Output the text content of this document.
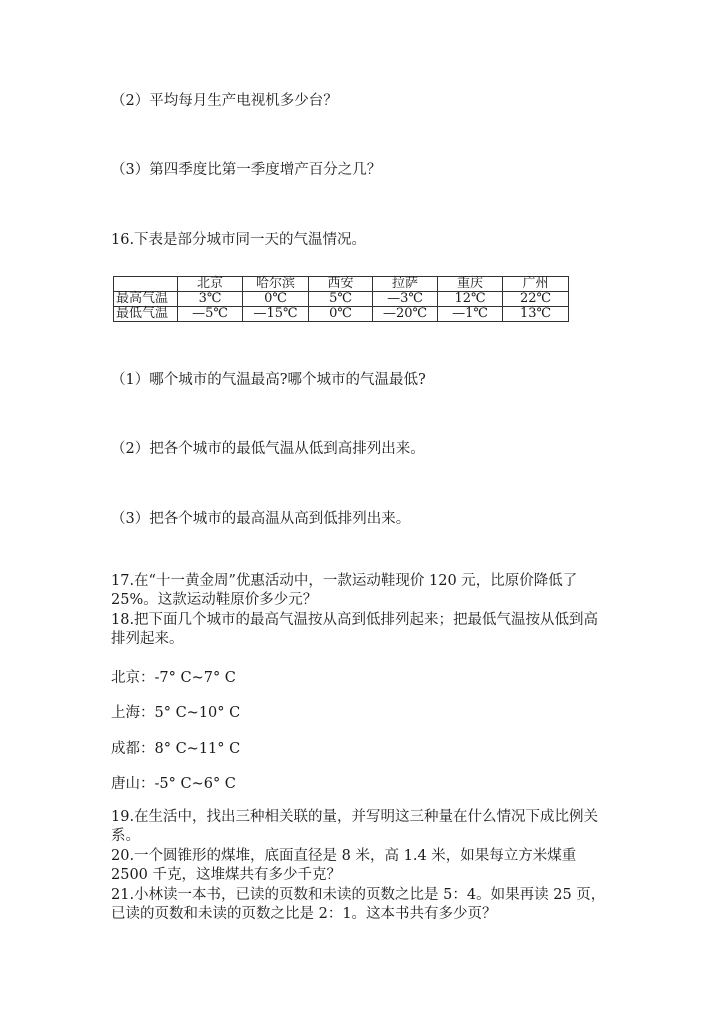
（2）平均每月生产电视机多少台？
（3）第四季度比第一季度增产百分之几？
16.下表是部分城市同一天的气温情况。
	北京	哈尔滨	西安	拉萨	重庆	广州
最高气温	3℃	0℃	5℃	—3℃	12℃	22℃
最低气温	—5℃	—15℃	0℃	—20℃	—1℃	13℃
（1）哪个城市的气温最高?哪个城市的气温最低?
（2）把各个城市的最低气温从低到高排列出来。
（3）把各个城市的最高温从高到低排列出来。
17.在“十一黄金周”优惠活动中，一款运动鞋现价 120 元，比原价降低了 25%。这款运动鞋原价多少元？
18.把下面几个城市的最高气温按从高到低排列起来；把最低气温按从低到高排列起来。
北京：-7° C~7° C
上海：5° C~10° C
成都：8° C~11° C
唐山：-5° C~6° C
19.在生活中，找出三种相关联的量，并写明这三种量在什么情况下成比例关系。
20.一个圆锥形的煤堆，底面直径是 8 米，高 1.4 米，如果每立方米煤重 2500 千克，这堆煤共有多少千克？
21.小林读一本书，已读的页数和未读的页数之比是 5：4。如果再读 25 页，已读的页数和未读的页数之比是 2：1。这本书共有多少页？
